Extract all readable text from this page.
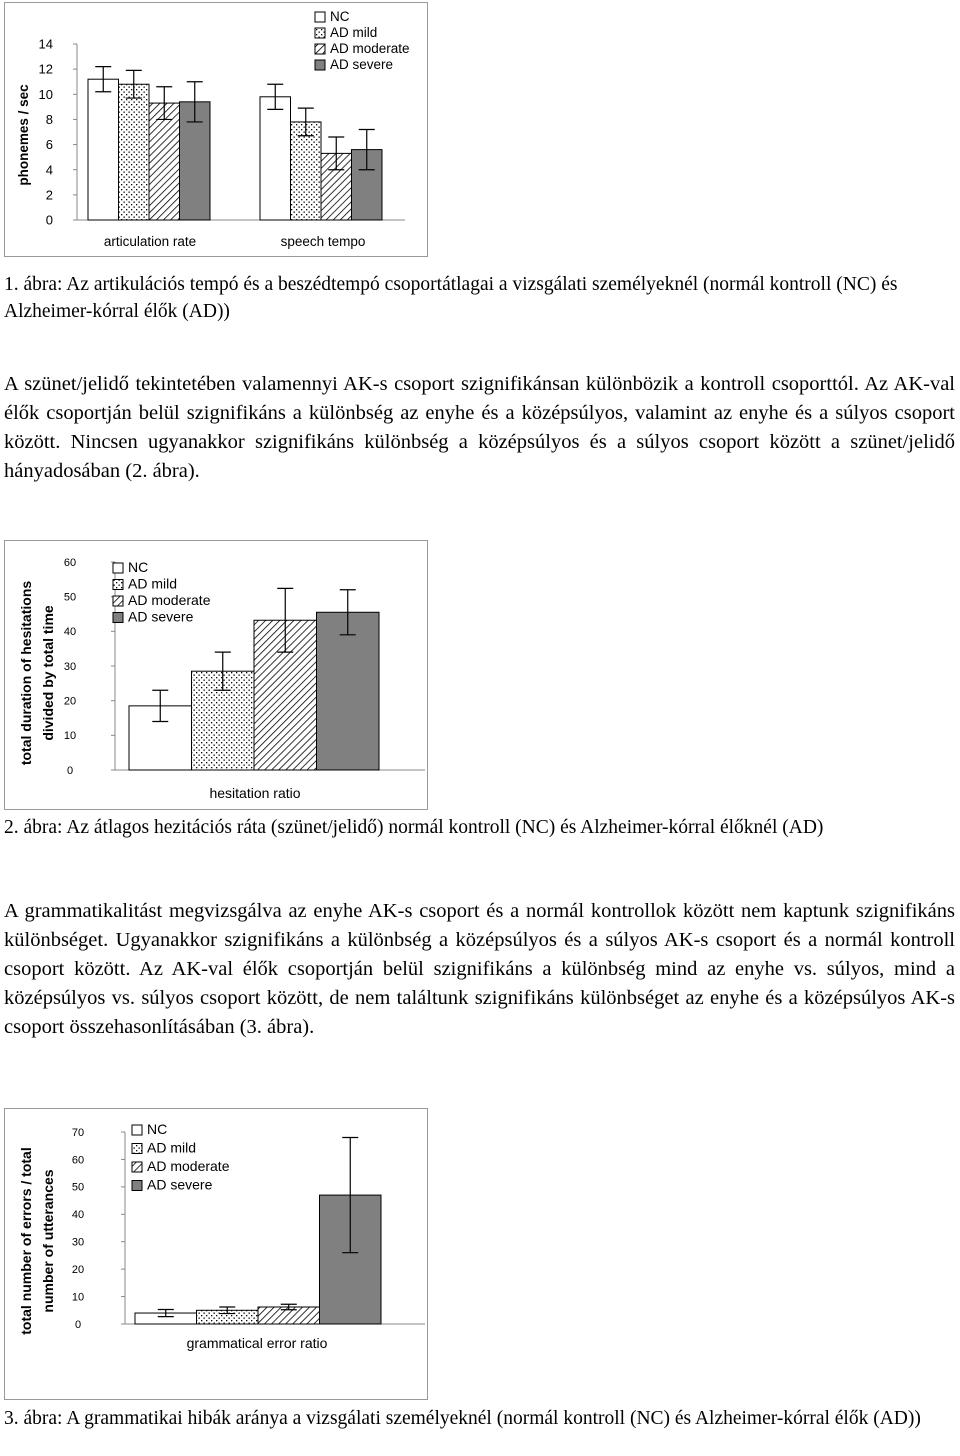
14
12
10
8
6
4
2
0
phonemes / sec
articulation rate	speech tempo
NC
AD mild
AD moderate
AD severe
1. ábra: Az artikulációs tempó és a beszédtempó csoportátlagai a vizsgálati személyeknél (normál kontroll (NC) és Alzheimer-kórral élők (AD))
A szünet/jelidő tekintetében valamennyi AK-s csoport szignifikánsan különbözik a kontroll csoporttól. Az AK-val élők csoportján belül szignifikáns a különbség az enyhe és a középsúlyos, valamint az enyhe és a súlyos csoport között. Nincsen ugyanakkor szignifikáns különbség a középsúlyos és a súlyos csoport között a szünet/jelidő hányadosában (2. ábra).
60
50
40
30
20
10
0
total duration of hesitations divided by total time
hesitation ratio
NC
AD mild
AD moderate
AD severe
2. ábra: Az átlagos hezitációs ráta (szünet/jelidő) normál kontroll (NC) és Alzheimer-kórral élőknél (AD)
A grammatikalitást megvizsgálva az enyhe AK-s csoport és a normál kontrollok között nem kaptunk szignifikáns különbséget. Ugyanakkor szignifikáns a különbség a középsúlyos és a súlyos AK-s csoport és a normál kontroll csoport között. Az AK-val élők csoportján belül szignifikáns a különbség mind az enyhe vs. súlyos, mind a középsúlyos vs. súlyos csoport között, de nem találtunk szignifikáns különbséget az enyhe és a középsúlyos AK-s csoport összehasonlításában (3. ábra).
70
60
50
40
30
20
10
0
total number of errors / total number of utterances
grammatical error ratio
NC
AD mild
AD moderate
AD severe
3. ábra: A grammatikai hibák aránya a vizsgálati személyeknél (normál kontroll (NC) és Alzheimer-kórral élők (AD))
